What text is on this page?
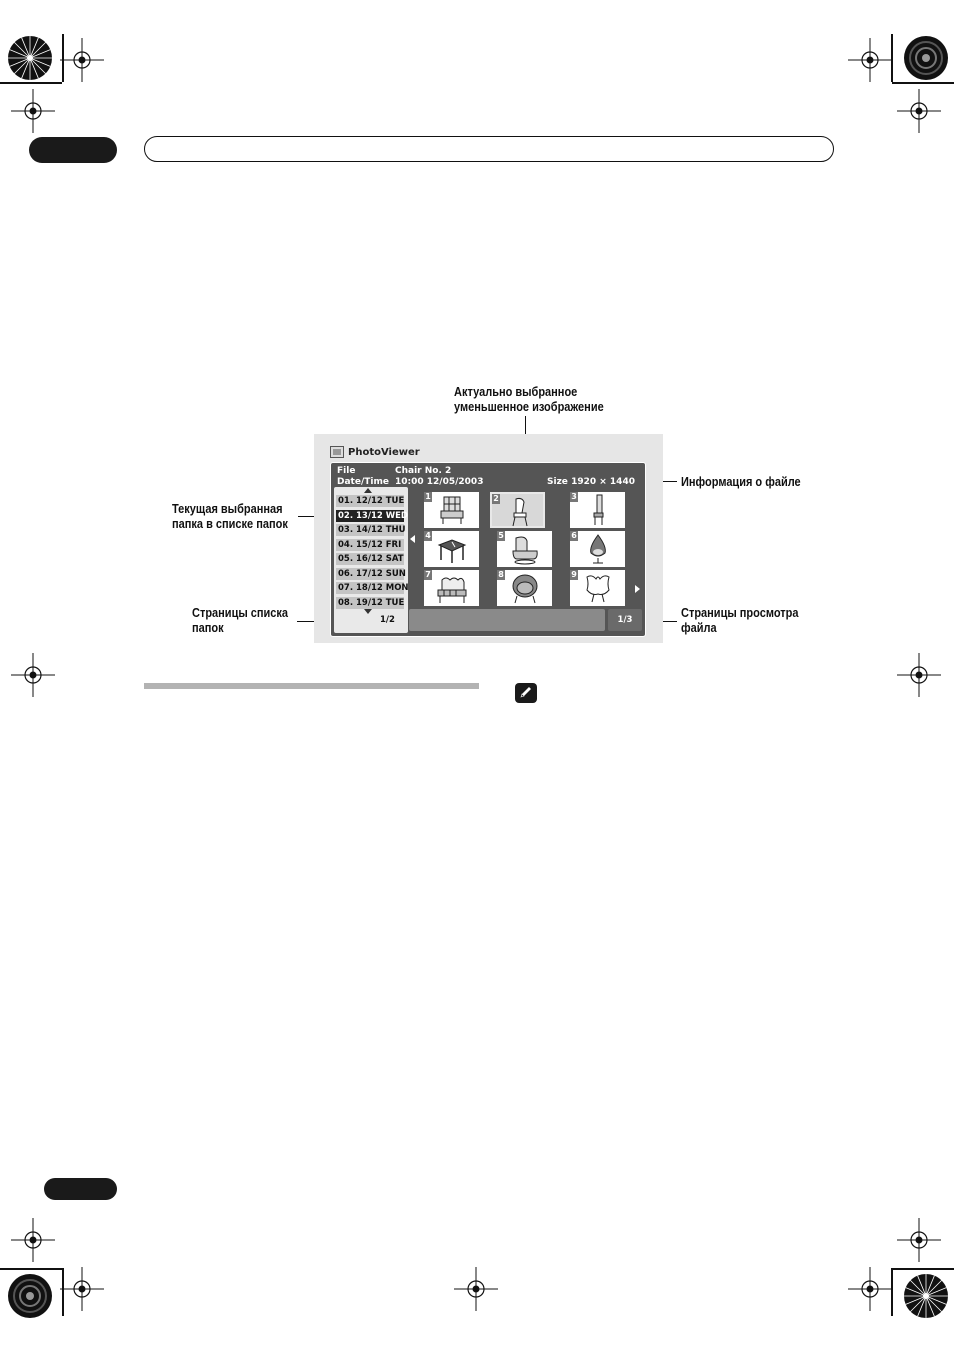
Актуально выбранное
уменьшенное изображение
Информация о файле
Текущая выбранная
папка в списке папок
Страницы списка
папок
Страницы просмотра
файла
PhotoViewer
File	Chair No. 2
Date/Time 10:00 12/05/2003	Size 1920 × 1440
01. 12/12 TUE
02. 13/12 WED
03. 14/12 THU
04. 15/12 FRI
05. 16/12 SAT
06. 17/12 SUN
07. 18/12 MON
08. 19/12 TUE
1/2
1	2	3
4	5	6
7	8	9
1/3
